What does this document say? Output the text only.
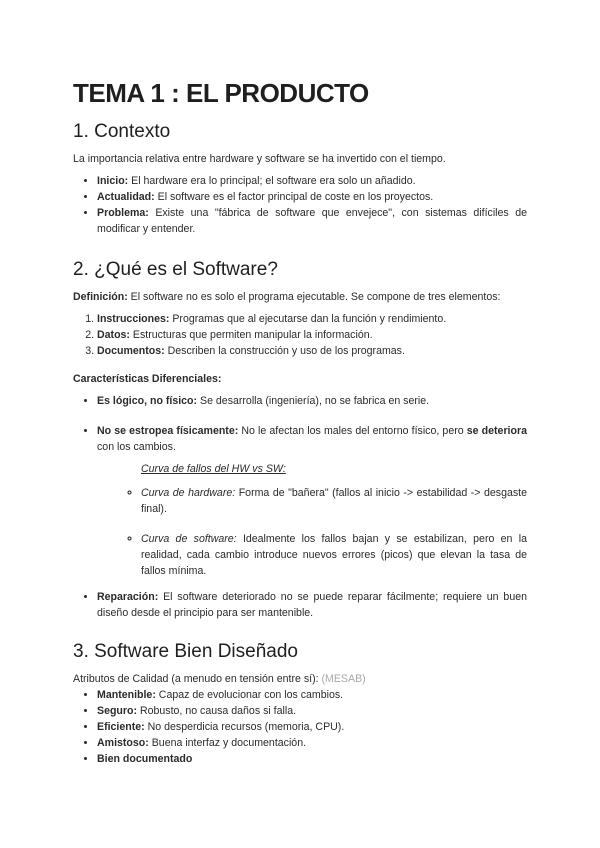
TEMA 1 : EL PRODUCTO
1. Contexto

La importancia relativa entre hardware y software se ha invertido con el tiempo.

• Inicio: El hardware era lo principal; el software era solo un añadido.
• Actualidad: El software es el factor principal de coste en los proyectos.
• Problema: Existe una "fábrica de software que envejece", con sistemas difíciles de modificar y entender.
2. ¿Qué es el Software?

Definición: El software no es solo el programa ejecutable. Se compone de tres elementos:

1. Instrucciones: Programas que al ejecutarse dan la función y rendimiento.
2. Datos: Estructuras que permiten manipular la información.
3. Documentos: Describen la construcción y uso de los programas.

Características Diferenciales:

• Es lógico, no físico: Se desarrolla (ingeniería), no se fabrica en serie.
• No se estropea físicamente: No le afectan los males del entorno físico, pero se deteriora con los cambios.
Curva de fallos del HW vs SW:
◦ Curva de hardware: Forma de "bañera" (fallos al inicio -> estabilidad -> desgaste final).
◦ Curva de software: Idealmente los fallos bajan y se estabilizan, pero en la realidad, cada cambio introduce nuevos errores (picos) que elevan la tasa de fallos mínima.
• Reparación: El software deteriorado no se puede reparar fácilmente; requiere un buen diseño desde el principio para ser mantenible.
3. Software Bien Diseñado

Atributos de Calidad (a menudo en tensión entre sí): (MESAB)

• Mantenible: Capaz de evolucionar con los cambios.
• Seguro: Robusto, no causa daños si falla.
• Eficiente: No desperdicia recursos (memoria, CPU).
• Amistoso: Buena interfaz y documentación.
• Bien documentado
